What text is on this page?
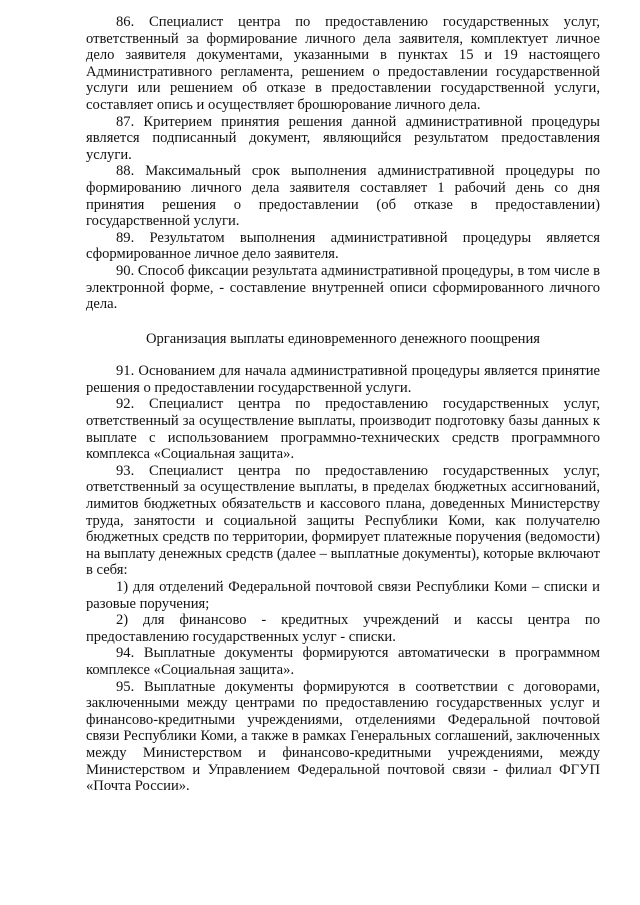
86. Специалист центра по предоставлению государственных услуг, ответственный за формирование личного дела заявителя, комплектует личное дело заявителя документами, указанными в пунктах 15 и 19 настоящего Административного регламента, решением о предоставлении государственной услуги или решением об отказе в предоставлении государственной услуги, составляет опись и осуществляет брошюрование личного дела.

87. Критерием принятия решения данной административной процедуры является подписанный документ, являющийся результатом предоставления услуги.

88. Максимальный срок выполнения административной процедуры по формированию личного дела заявителя составляет 1 рабочий день со дня принятия решения о предоставлении (об отказе в предоставлении) государственной услуги.

89. Результатом выполнения административной процедуры является сформированное личное дело заявителя.

90. Способ фиксации результата административной процедуры, в том числе в электронной форме, - составление внутренней описи сформированного личного дела.

Организация выплаты единовременного денежного поощрения

91. Основанием для начала административной процедуры является принятие решения о предоставлении государственной услуги.

92. Специалист центра по предоставлению государственных услуг, ответственный за осуществление выплаты, производит подготовку базы данных к выплате с использованием программно-технических средств программного комплекса «Социальная защита».

93. Специалист центра по предоставлению государственных услуг, ответственный за осуществление выплаты, в пределах бюджетных ассигнований, лимитов бюджетных обязательств и кассового плана, доведенных Министерству труда, занятости и социальной защиты Республики Коми, как получателю бюджетных средств по территории, формирует платежные поручения (ведомости) на выплату денежных средств (далее – выплатные документы), которые включают в себя:

1) для отделений Федеральной почтовой связи Республики Коми – списки и разовые поручения;

2) для финансово - кредитных учреждений и кассы центра по предоставлению государственных услуг - списки.

94. Выплатные документы формируются автоматически в программном комплексе «Социальная защита».

95. Выплатные документы формируются в соответствии с договорами, заключенными между центрами по предоставлению государственных услуг и финансово-кредитными учреждениями, отделениями Федеральной почтовой связи Республики Коми, а также в рамках Генеральных соглашений, заключенных между Министерством и финансово-кредитными учреждениями, между Министерством и Управлением Федеральной почтовой связи - филиал ФГУП «Почта России».
